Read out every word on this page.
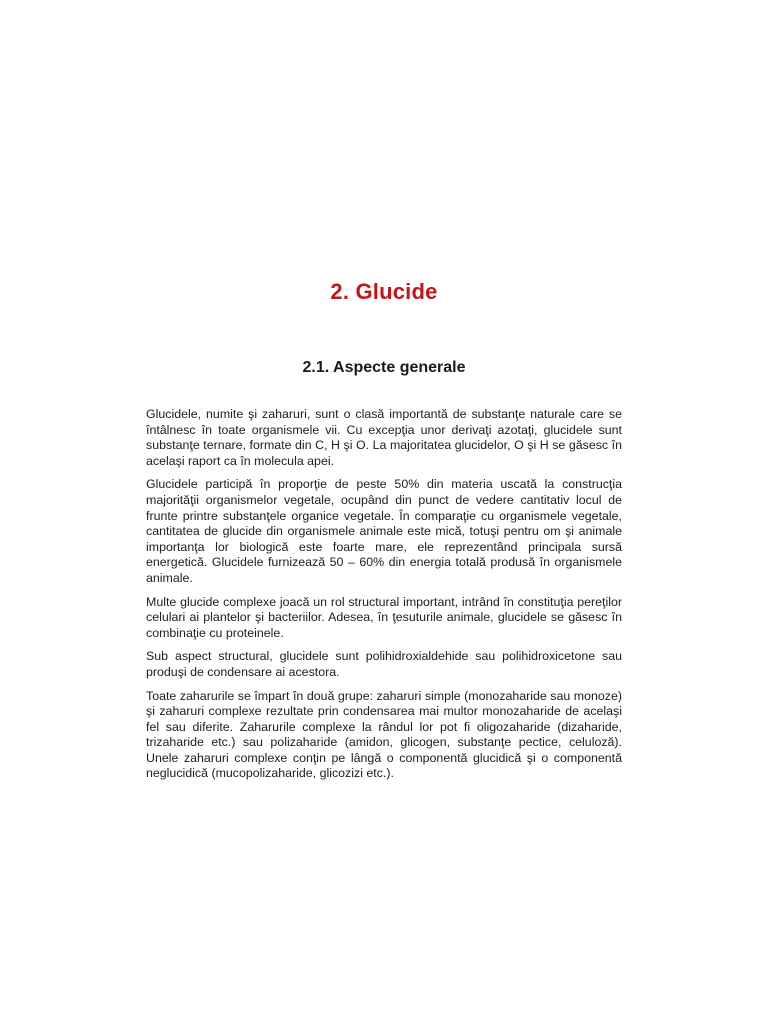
2. Glucide
2.1. Aspecte generale

Glucidele, numite şi zaharuri, sunt o clasă importantă de substanţe naturale care se întâlnesc în toate organismele vii. Cu excepţia unor derivaţi azotaţi, glucidele sunt substanţe ternare, formate din C, H şi O. La majoritatea glucidelor, O şi H se găsesc în acelaşi raport ca în molecula apei.

Glucidele participă în proporţie de peste 50% din materia uscată la construcţia majorităţii organismelor vegetale, ocupând din punct de vedere cantitativ locul de frunte printre substanţele organice vegetale. În comparaţie cu organismele vegetale, cantitatea de glucide din organismele animale este mică, totuşi pentru om şi animale importanţa lor biologică este foarte mare, ele reprezentând principala sursă energetică. Glucidele furnizează 50 – 60% din energia totală produsă în organismele animale.

Multe glucide complexe joacă un rol structural important, intrând în constituţia pereţilor celulari ai plantelor şi bacteriilor. Adesea, în ţesuturile animale, glucidele se găsesc în combinaţie cu proteinele.

Sub aspect structural, glucidele sunt polihidroxialdehide sau polihidroxicetone sau produşi de condensare ai acestora.

Toate zaharurile se împart în două grupe: zaharuri simple (monozaharide sau monoze) şi zaharuri complexe rezultate prin condensarea mai multor monozaharide de acelaşi fel sau diferite. Zaharurile complexe la rândul lor pot fi oligozaharide (dizaharide, trizaharide etc.) sau polizaharide (amidon, glicogen, substanţe pectice, celuloză). Unele zaharuri complexe conţin pe lângă o componentă glucidică şi o componentă neglucidică (mucopolizaharide, glicozizi etc.).
